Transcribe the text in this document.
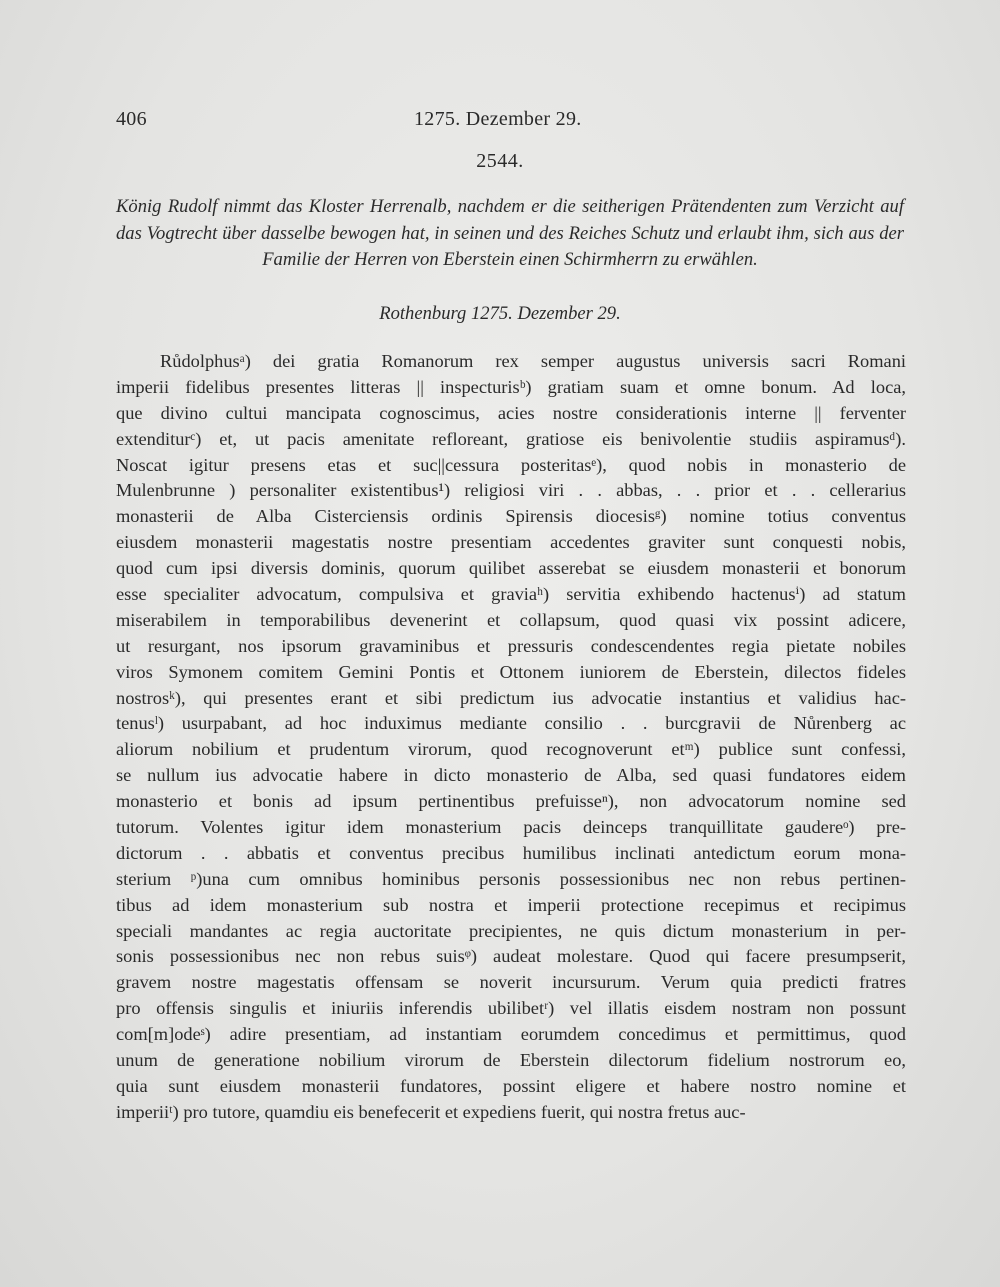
406	1275. Dezember 29.
2544.
König Rudolf nimmt das Kloster Herrenalb, nachdem er die seitherigen Prätendenten zum Verzicht auf das Vogtrecht über dasselbe bewogen hat, in seinen und des Reiches Schutz und erlaubt ihm, sich aus der Familie der Herren von Eberstein einen Schirmherrn zu erwählen.
Rothenburg 1275. Dezember 29.
Růdolphusᵃ) dei gratia Romanorum rex semper augustus universis sacri Romani
imperii fidelibus presentes litteras || inspecturisᵇ) gratiam suam et omne bonum. Ad loca,
que divino cultui mancipata cognoscimus, acies nostre considerationis interne || ferventer
extenditurᶜ) et, ut pacis amenitate refloreant, gratiose eis benivolentie studiis aspiramusᵈ).
Noscat igitur presens etas et suc||cessura posteritasᵉ), quod nobis in monasterio de
Mulenbrunne ) personaliter existentibus¹) religiosi viri . . abbas, . . prior et . . cellerarius
monasterii de Alba Cisterciensis ordinis Spirensis diocesisᵍ) nomine totius conventus
eiusdem monasterii magestatis nostre presentiam accedentes graviter sunt conquesti nobis,
quod cum ipsi diversis dominis, quorum quilibet asserebat se eiusdem monasterii et bonorum
esse specialiter advocatum, compulsiva et graviaʰ) servitia exhibendo hactenusⁱ) ad statum
miserabilem in temporabilibus devenerint et collapsum, quod quasi vix possint adicere,
ut resurgant, nos ipsorum gravaminibus et pressuris condescendentes regia pietate nobiles
viros Symonem comitem Gemini Pontis et Ottonem iuniorem de Eberstein, dilectos fideles
nostrosᵏ), qui presentes erant et sibi predictum ius advocatie instantius et validius hac-
tenusˡ) usurpabant, ad hoc induximus mediante consilio . . burcgravii de Nůrenberg ac
aliorum nobilium et prudentum virorum, quod recognoverunt etᵐ) publice sunt confessi,
se nullum ius advocatie habere in dicto monasterio de Alba, sed quasi fundatores eidem
monasterio et bonis ad ipsum pertinentibus prefuisseⁿ), non advocatorum nomine sed
tutorum. Volentes igitur idem monasterium pacis deinceps tranquillitate gaudereᵒ) pre-
dictorum . . abbatis et conventus precibus humilibus inclinati antedictum eorum mona-
sterium ᵖ)una cum omnibus hominibus personis possessionibus nec non rebus pertinen-
tibus ad idem monasterium sub nostra et imperii protectione recepimus et recipimus
speciali mandantes ac regia auctoritate precipientes, ne quis dictum monasterium in per-
sonis possessionibus nec non rebus suisᵠ) audeat molestare. Quod qui facere presumpserit,
gravem nostre magestatis offensam se noverit incursurum. Verum quia predicti fratres
pro offensis singulis et iniuriis inferendis ubilibetʳ) vel illatis eisdem nostram non possunt
com[m]odeˢ) adire presentiam, ad instantiam eorumdem concedimus et permittimus, quod
unum de generatione nobilium virorum de Eberstein dilectorum fidelium nostrorum eo,
quia sunt eiusdem monasterii fundatores, possint eligere et habere nostro nomine et
imperiiᵗ) pro tutore, quamdiu eis benefecerit et expediens fuerit, qui nostra fretus auc-
